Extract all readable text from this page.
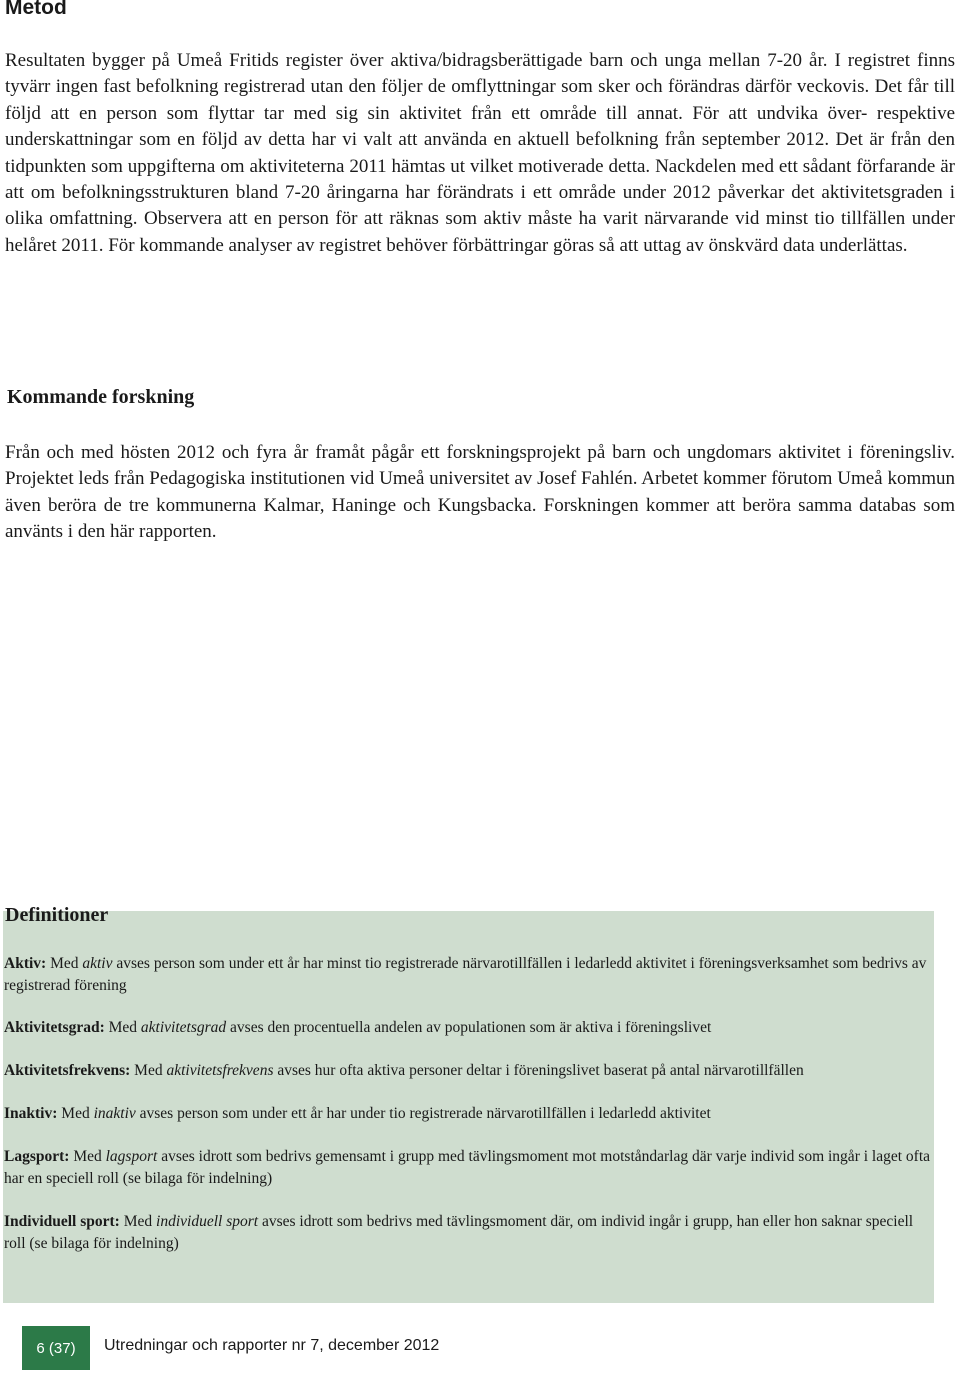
Metod

Resultaten bygger på Umeå Fritids register över aktiva/bidragsberättigade barn och unga mellan 7-20 år. I registret finns tyvärr ingen fast befolkning registrerad utan den följer de omflyttningar som sker och förändras därför veckovis. Det får till följd att en person som flyttar tar med sig sin aktivitet från ett område till annat. För att undvika över- respektive underskattningar som en följd av detta har vi valt att använda en aktuell befolkning från september 2012. Det är från den tidpunkten som uppgifterna om aktiviteterna 2011 hämtas ut vilket motiverade detta. Nackdelen med ett sådant förfarande är att om befolkningsstrukturen bland 7-20 åringarna har förändrats i ett område under 2012 påverkar det aktivitetsgraden i olika omfattning. Observera att en person för att räknas som aktiv måste ha varit närvarande vid minst tio tillfällen under helåret 2011. För kommande analyser av registret behöver förbättringar göras så att uttag av önskvärd data underlättas.

Kommande forskning

Från och med hösten 2012 och fyra år framåt pågår ett forskningsprojekt på barn och ungdomars aktivitet i föreningsliv. Projektet leds från Pedagogiska institutionen vid Umeå universitet av Josef Fahlén. Arbetet kommer förutom Umeå kommun även beröra de tre kommunerna Kalmar, Haninge och Kungsbacka. Forskningen kommer att beröra samma databas som använts i den här rapporten.

Definitioner

Aktiv: Med aktiv avses person som under ett år har minst tio registrerade närvarotillfällen i ledarledd aktivitet i föreningsverksamhet som bedrivs av registrerad förening

Aktivitetsgrad: Med aktivitetsgrad avses den procentuella andelen av populationen som är aktiva i föreningslivet

Aktivitetsfrekvens: Med aktivitetsfrekvens avses hur ofta aktiva personer deltar i föreningslivet baserat på antal närvarotillfällen

Inaktiv: Med inaktiv avses person som under ett år har under tio registrerade närvarotillfällen i ledarledd aktivitet

Lagsport: Med lagsport avses idrott som bedrivs gemensamt i grupp med tävlingsmoment mot motståndarlag där varje individ som ingår i laget ofta har en speciell roll (se bilaga för indelning)

Individuell sport: Med individuell sport avses idrott som bedrivs med tävlingsmoment där, om individ ingår i grupp, han eller hon saknar speciell roll (se bilaga för indelning)

6 (37)	Utredningar och rapporter nr 7, december 2012
